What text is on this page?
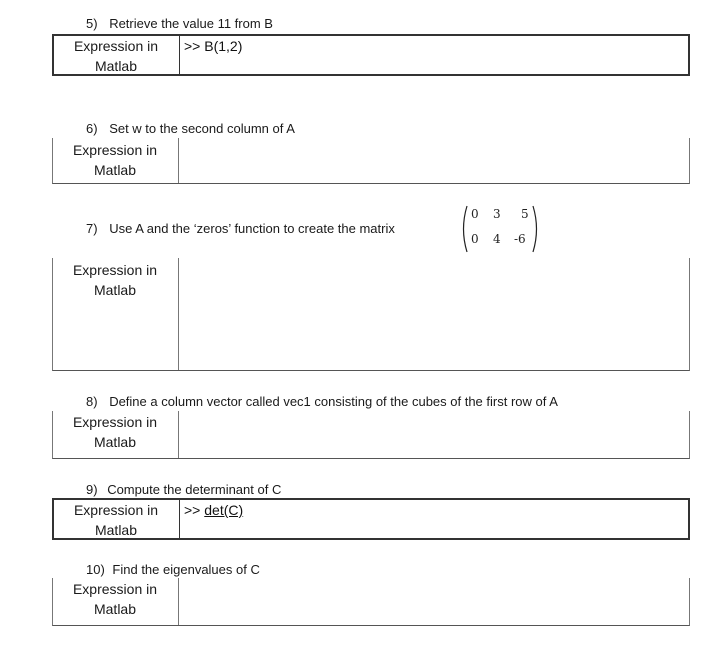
5) Retrieve the value 11 from B
Expression in
Matlab
>> B(1,2)
6) Set w to the second column of A
Expression in
Matlab
7) Use A and the ‘zeros’ function to create the matrix
0 3 5
0 4 -6
Expression in
Matlab
8) Define a column vector called vec1 consisting of the cubes of the first row of A
Expression in
Matlab
9) Compute the determinant of C
Expression in
Matlab
>> det(C)
10) Find the eigenvalues of C
Expression in
Matlab
